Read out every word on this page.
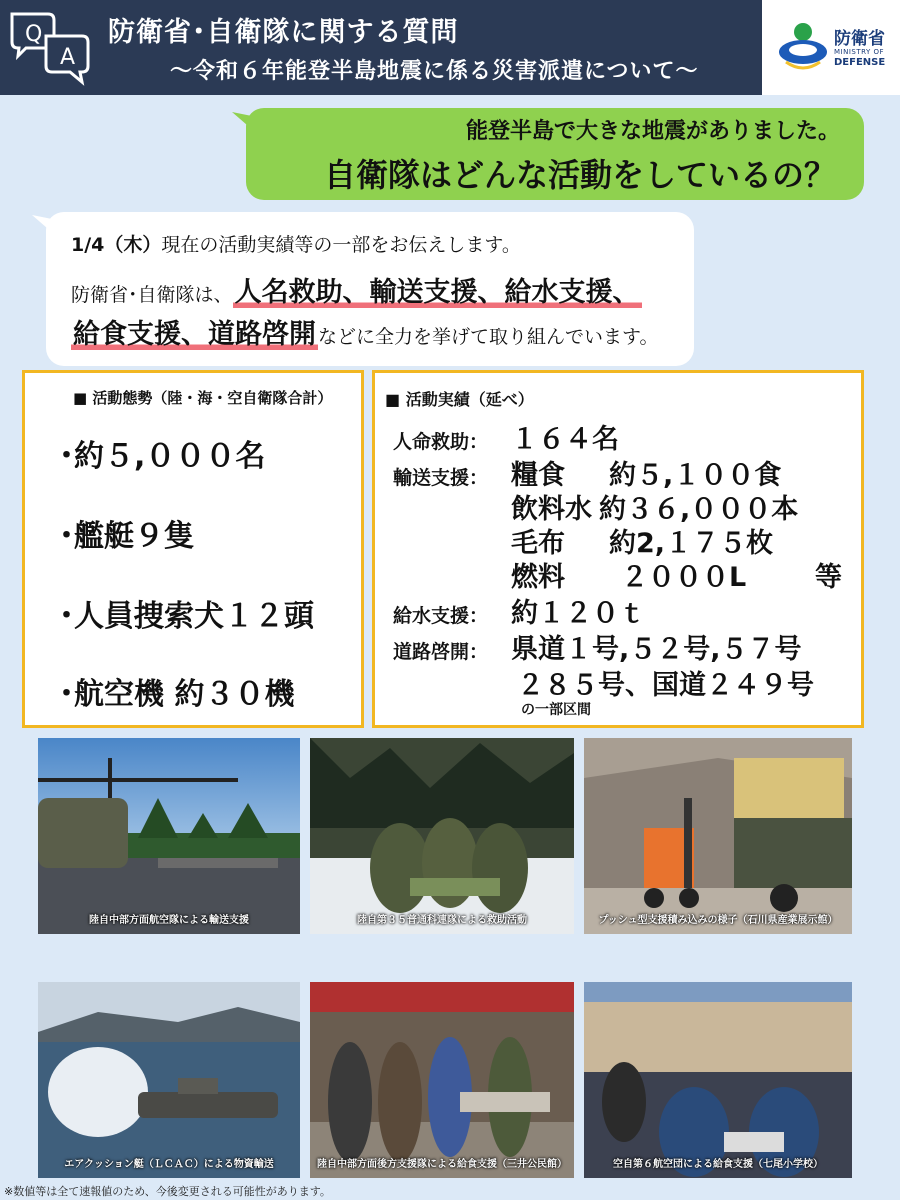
Q
A
防衛省･自衛隊に関する質問
～令和６年能登半島地震に係る災害派遣について～
防衛省
MINISTRY OF
DEFENSE
能登半島で大きな地震がありました。
自衛隊はどんな活動をしているの？
1/4（木）現在の活動実績等の一部をお伝えします。
防衛省･自衛隊は、人名救助、輸送支援、給水支援、
給食支援、道路啓開 などに全力を挙げて取り組んでいます。
■ 活動態勢（陸・海・空自衛隊合計）
･約５,０００名
･艦艇９隻
･人員捜索犬１２頭
･航空機 約３０機
■ 活動実績（延べ）
人命救助： １６４名
輸送支援： 糧食 約５,１００食
飲料水 約３６,０００本
毛布 約2,１７５枚
燃料 ２０００L	等
給水支援： 約１２０ｔ
道路啓開： 県道１号,５２号,５７号
２８５号、国道２４９号
の一部区間
陸自中部方面航空隊による輸送支援	陸自第３５普通科連隊による救助活動	プッシュ型支援積み込みの様子（石川県産業展示館）
エアクッション艇（ＬＣＡＣ）による物資輸送	陸自中部方面後方支援隊による給食支援（三井公民館）	空自第６航空団による給食支援（七尾小学校）
※数値等は全て速報値のため、今後変更される可能性があります。
